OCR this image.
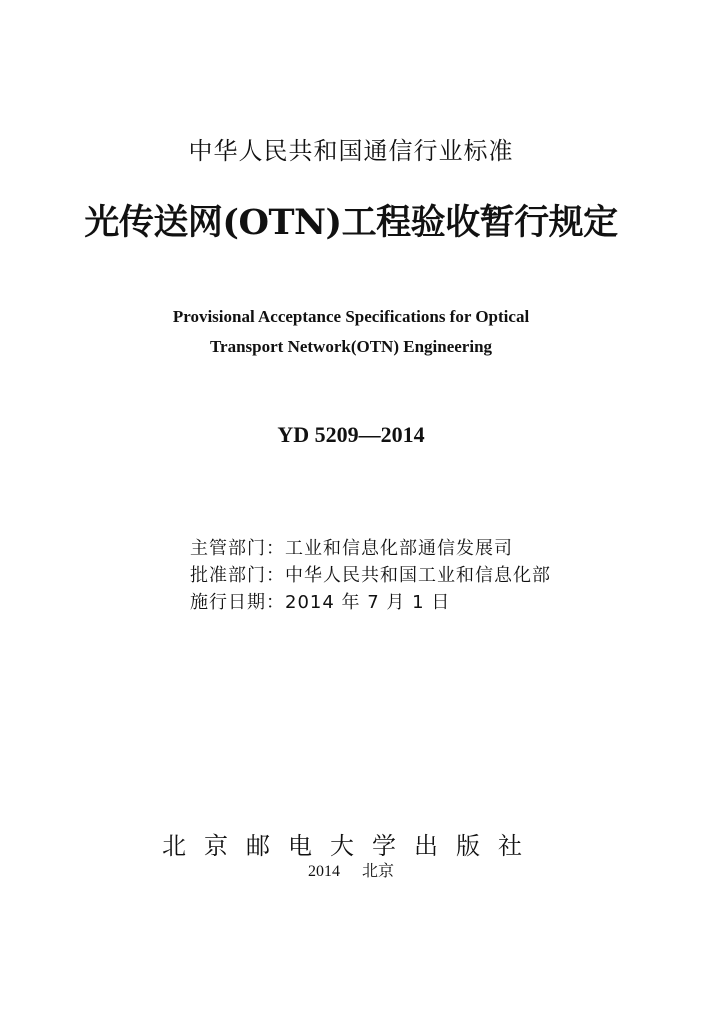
中华人民共和国通信行业标准
光传送网(OTN)工程验收暂行规定
Provisional Acceptance Specifications for Optical
Transport Network(OTN) Engineering
YD 5209—2014
主管部门：工业和信息化部通信发展司
批准部门：中华人民共和国工业和信息化部
施行日期：2014 年 7 月 1 日
北京邮电大学出版社
2014 北京
